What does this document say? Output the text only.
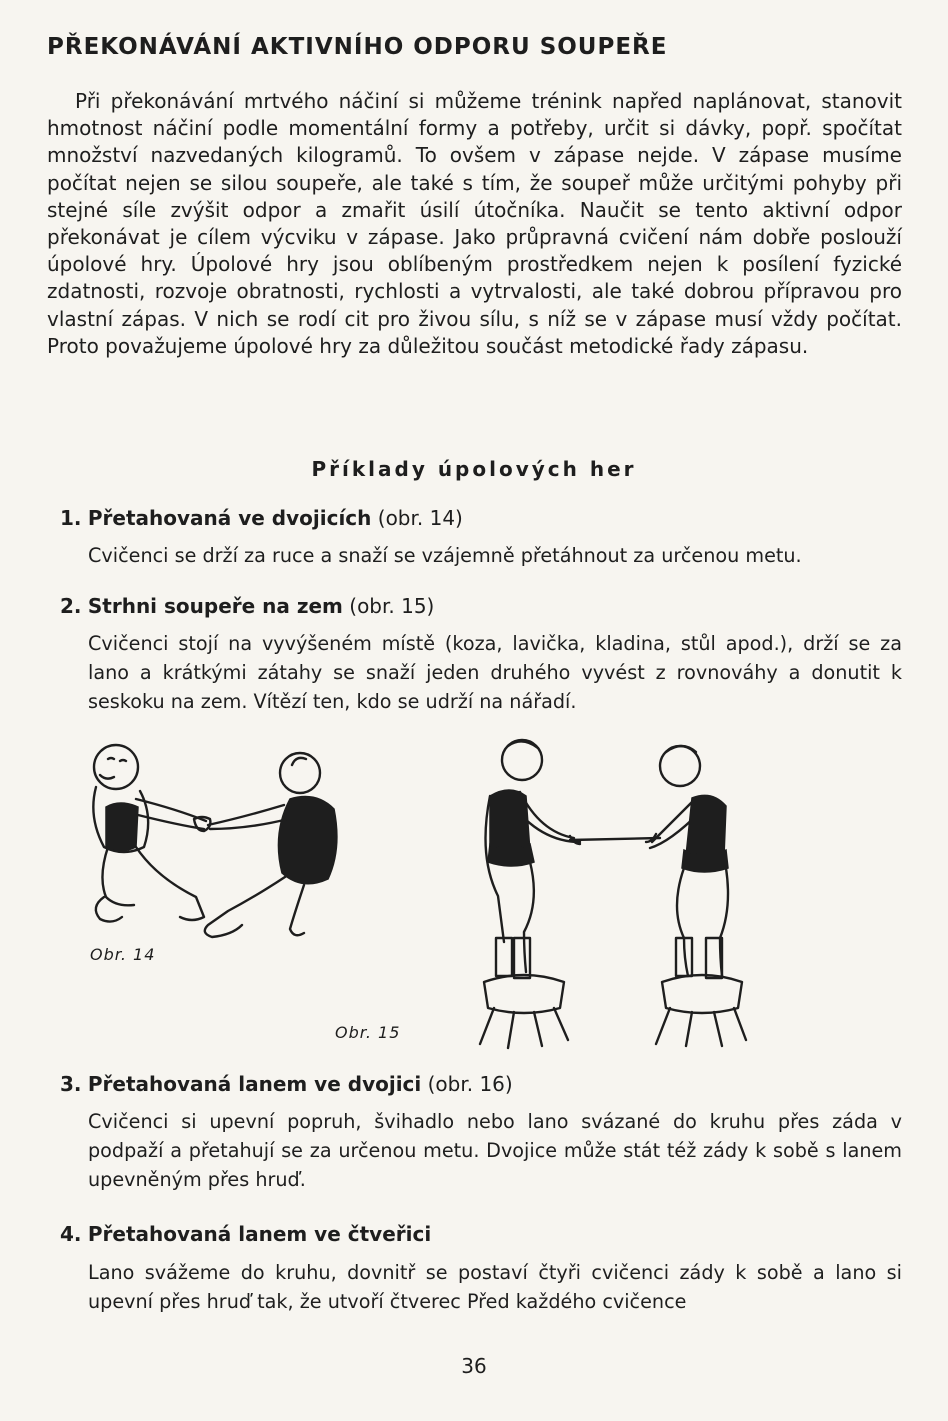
PŘEKONÁVÁNÍ AKTIVNÍHO ODPORU SOUPEŘE
Při překonávání mrtvého náčiní si můžeme trénink napřed naplánovat, stanovit hmotnost náčiní podle momentální formy a potřeby, určit si dávky, popř. spočítat množství nazvedaných kilogramů. To ovšem v zápase nejde. V zápase musíme počítat nejen se silou soupeře, ale také s tím, že soupeř může určitými pohyby při stejné síle zvýšit odpor a zmařit úsilí útočníka. Naučit se tento aktivní odpor překonávat je cílem výcviku v zápase. Jako průpravná cvičení nám dobře poslouží úpolové hry. Úpolové hry jsou oblíbeným prostředkem nejen k posílení fyzické zdatnosti, rozvoje obratnosti, rychlosti a vytrvalosti, ale také dobrou přípravou pro vlastní zápas. V nich se rodí cit pro živou sílu, s níž se v zápase musí vždy počítat. Proto považujeme úpolové hry za důležitou součást metodické řady zápasu.
Příklady úpolových her
1. Přetahovaná ve dvojicích (obr. 14)
Cvičenci se drží za ruce a snaží se vzájemně přetáhnout za určenou metu.
2. Strhni soupeře na zem (obr. 15)
Cvičenci stojí na vyvýšeném místě (koza, lavička, kladina, stůl apod.), drží se za lano a krátkými zátahy se snaží jeden druhého vyvést z rovnováhy a donutit k seskoku na zem. Vítězí ten, kdo se udrží na nářadí.
Obr. 14
Obr. 15
3. Přetahovaná lanem ve dvojici (obr. 16)
Cvičenci si upevní popruh, švihadlo nebo lano svázané do kruhu přes záda v podpaží a přetahují se za určenou metu. Dvojice může stát též zády k sobě s lanem upevněným přes hruď.
4. Přetahovaná lanem ve čtveřici
Lano svážeme do kruhu, dovnitř se postaví čtyři cvičenci zády k sobě a lano si upevní přes hruď tak, že utvoří čtverec Před každého cvičence
36
